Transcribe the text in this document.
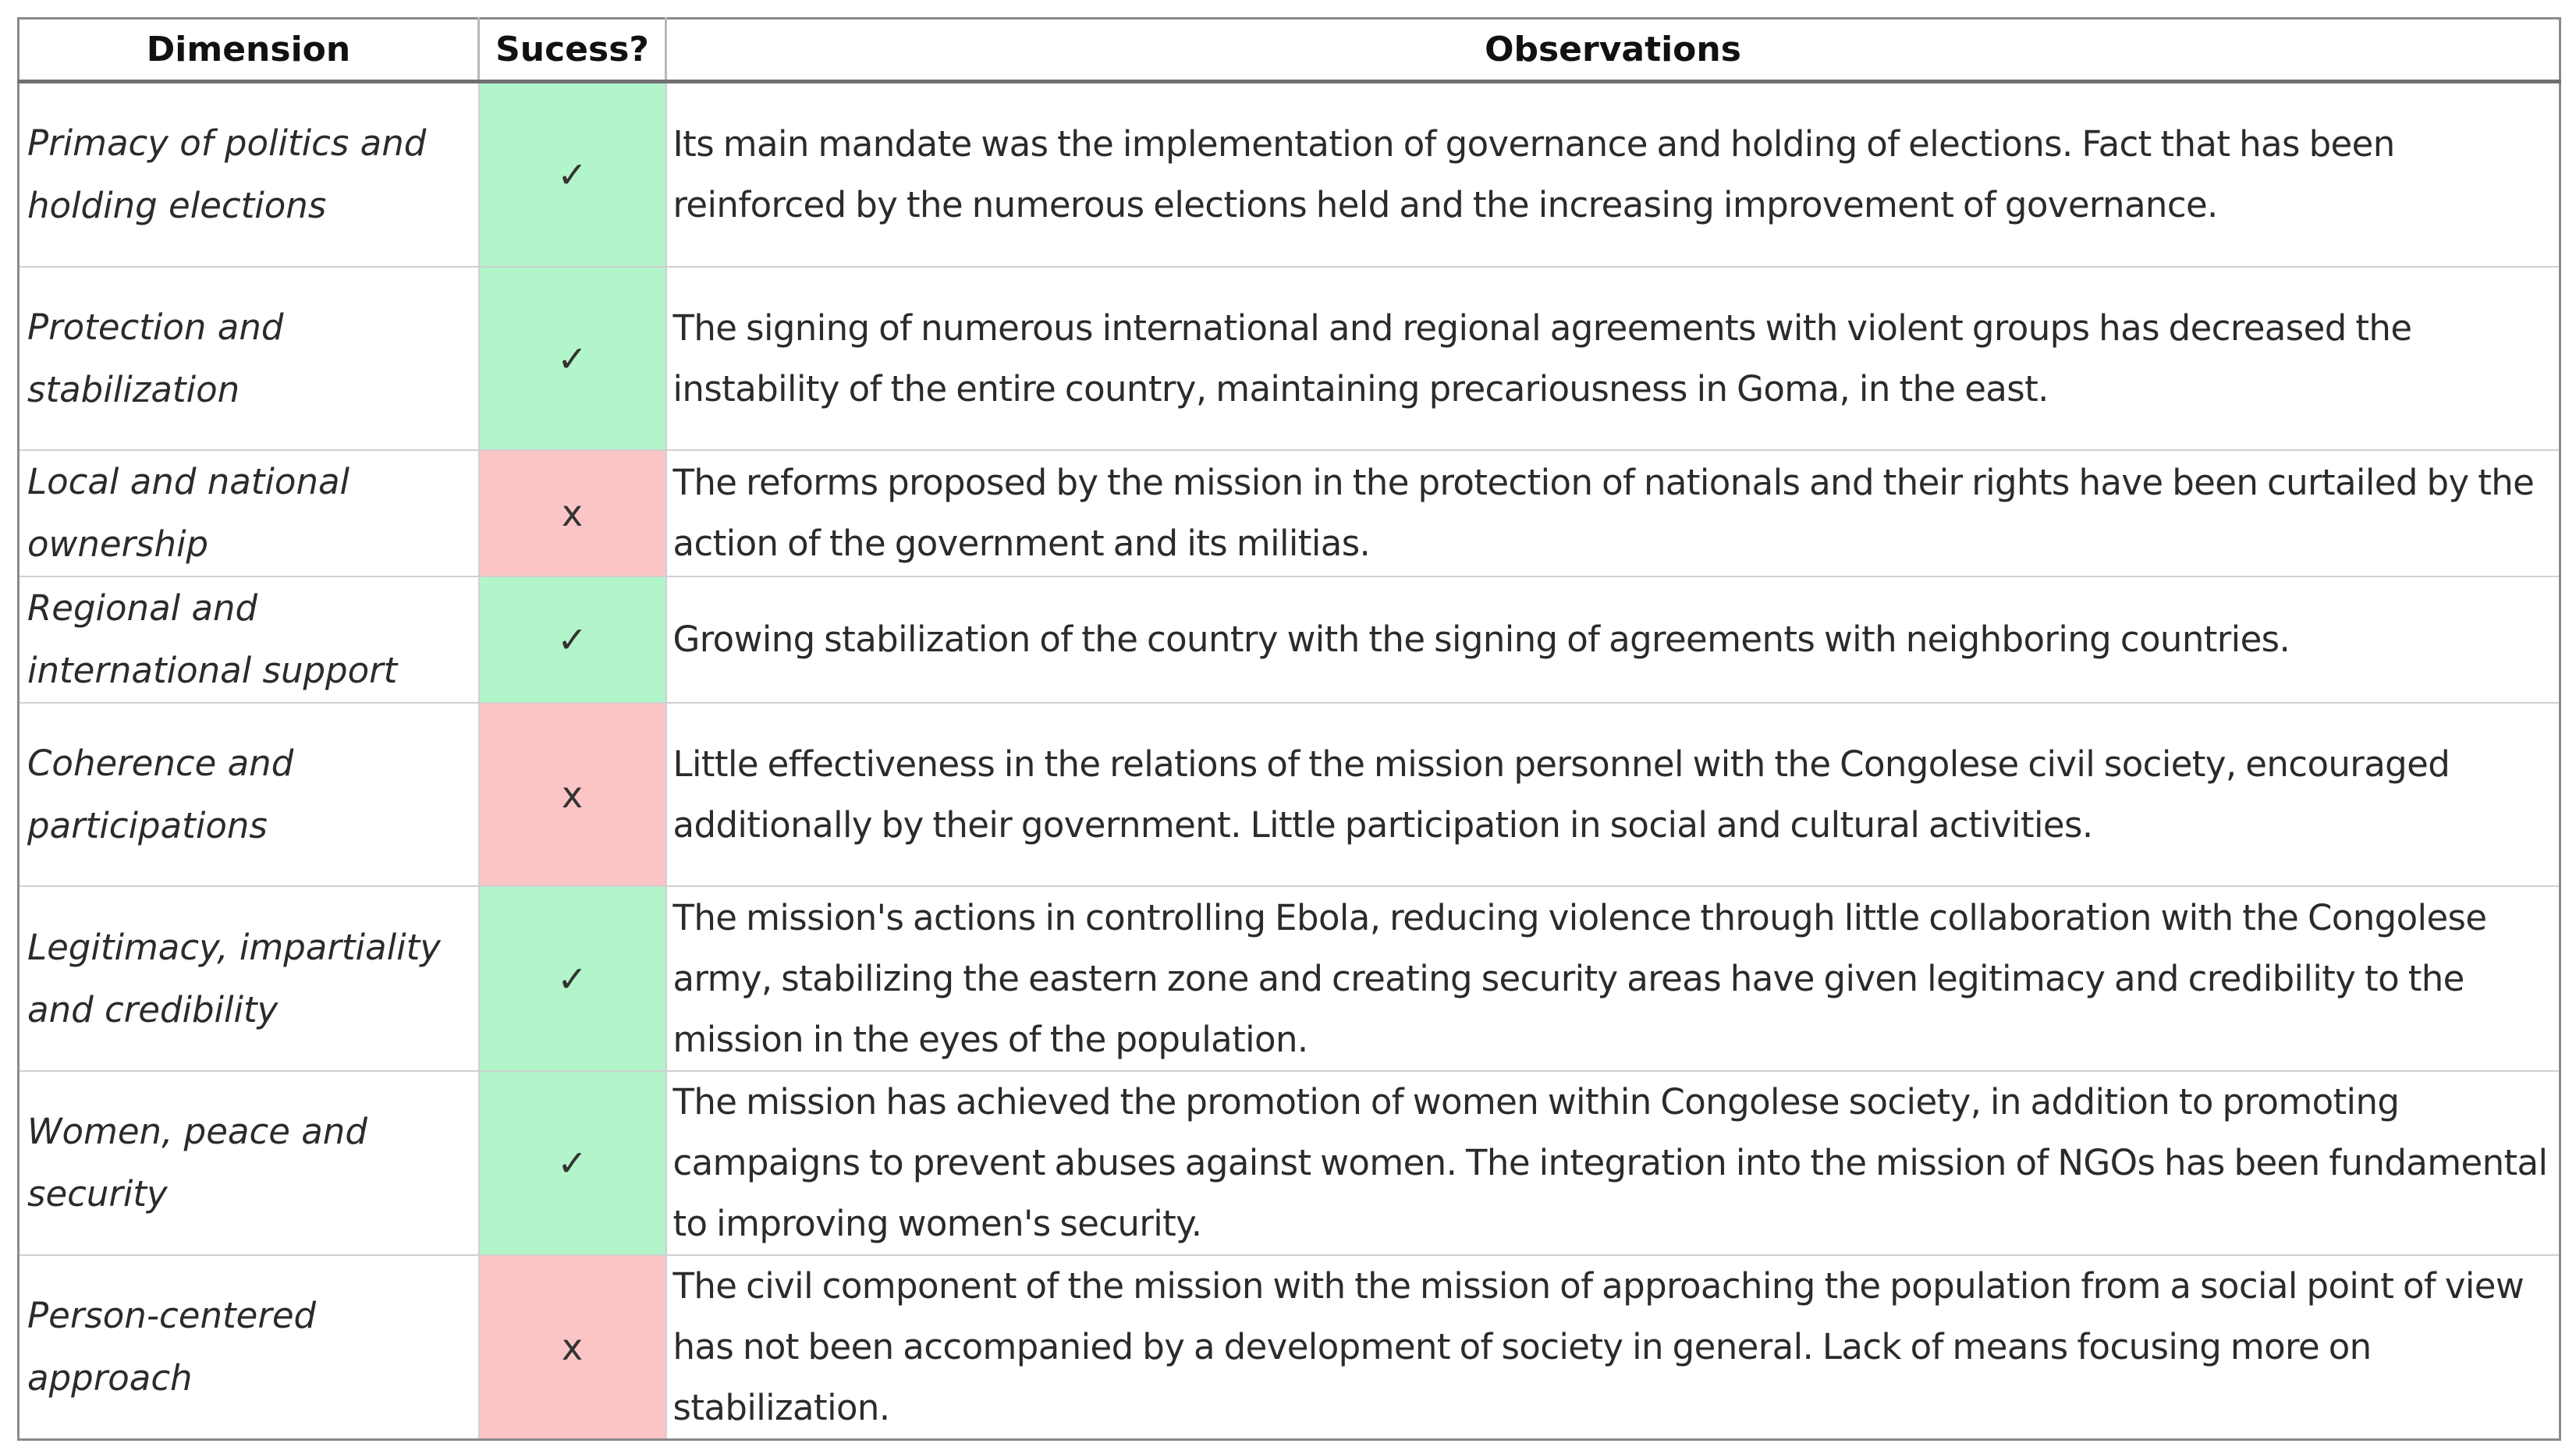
Dimension	Sucess?	Observations
Primacy of politics and holding elections	✓	Its main mandate was the implementation of governance and holding of elections. Fact that has been reinforced by the numerous elections held and the increasing improvement of governance.
Protection and stabilization	✓	The signing of numerous international and regional agreements with violent groups has decreased the instability of the entire country, maintaining precariousness in Goma, in the east.
Local and national ownership	x	The reforms proposed by the mission in the protection of nationals and their rights have been curtailed by the action of the government and its militias.
Regional and international support	✓	Growing stabilization of the country with the signing of agreements with neighboring countries.
Coherence and participations	x	Little effectiveness in the relations of the mission personnel with the Congolese civil society, encouraged additionally by their government. Little participation in social and cultural activities.
Legitimacy, impartiality and credibility	✓	The mission's actions in controlling Ebola, reducing violence through little collaboration with the Congolese army, stabilizing the eastern zone and creating security areas have given legitimacy and credibility to the mission in the eyes of the population.
Women, peace and security	✓	The mission has achieved the promotion of women within Congolese society, in addition to promoting campaigns to prevent abuses against women. The integration into the mission of NGOs has been fundamental to improving women's security.
Person-centered approach	x	The civil component of the mission with the mission of approaching the population from a social point of view has not been accompanied by a development of society in general. Lack of means focusing more on stabilization.
